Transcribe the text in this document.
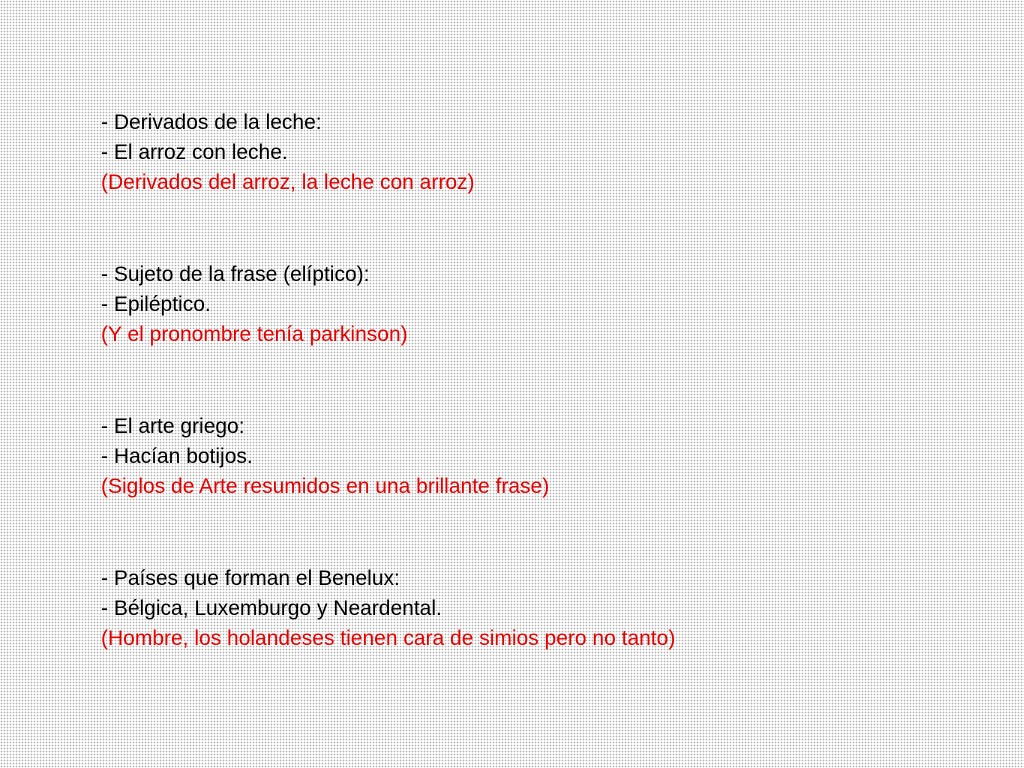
- Derivados de la leche:
- El arroz con leche.
(Derivados del arroz, la leche con arroz)
- Sujeto de la frase (elíptico):
- Epiléptico.
(Y el pronombre tenía parkinson)
- El arte griego:
- Hacían botijos.
(Siglos de Arte resumidos en una brillante frase)
- Países que forman el Benelux:
- Bélgica, Luxemburgo y Neardental.
(Hombre, los holandeses tienen cara de simios pero no tanto)
